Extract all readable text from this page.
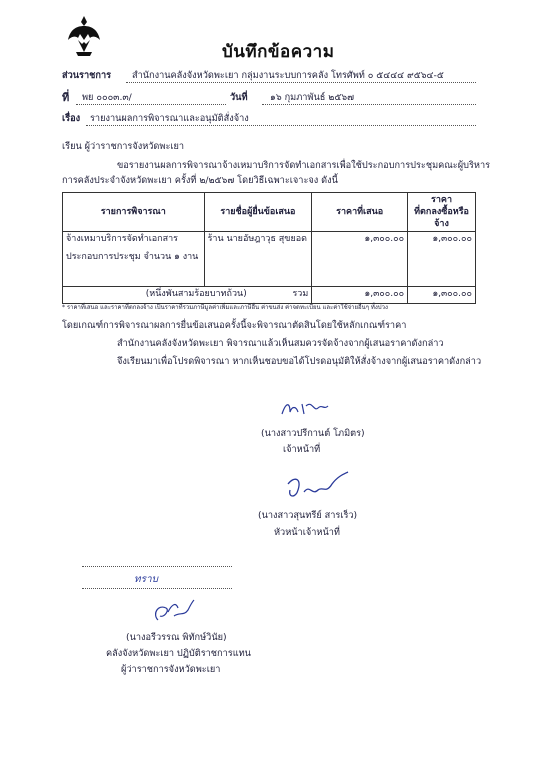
บันทึกข้อความ
ส่วนราชการ สำนักงานคลังจังหวัดพะเยา กลุ่มงานระบบการคลัง โทรศัพท์ ๐ ๕๔๔๔ ๙๕๖๔-๕
ที่ พย ๐๐๐๓.๓/	วันที่ ๑๖ กุมภาพันธ์ ๒๕๖๗
เรื่อง รายงานผลการพิจารณาและอนุมัติสั่งจ้าง
เรียน ผู้ว่าราชการจังหวัดพะเยา
ขอรายงานผลการพิจารณาจ้างเหมาบริการจัดทำเอกสารเพื่อใช้ประกอบการประชุมคณะผู้บริหาร
การคลังประจำจังหวัดพะเยา ครั้งที่ ๒/๒๕๖๗ โดยวิธีเฉพาะเจาะจง ดังนี้
รายการพิจารณา	รายชื่อผู้ยื่นข้อเสนอ	ราคาที่เสนอ	ราคา
ที่ตกลงซื้อหรือจ้าง

จ้างเหมาบริการจัดทำเอกสาร
ประกอบการประชุม จำนวน ๑ งาน	ร้าน นายอัษฎาวุธ สุขยอด	๑,๓๐๐.๐๐	๑,๓๐๐.๐๐
(หนึ่งพันสามร้อยบาทถ้วน) รวม		๑,๓๐๐.๐๐	๑,๓๐๐.๐๐
* ราคาที่เสนอ และราคาที่ตกลงจ้าง เป็นราคาที่รวมภาษีมูลค่าเพิ่มและภาษีอื่น ค่าขนส่ง ค่าจดทะเบียน และค่าใช้จ่ายอื่นๆ ทั้งปวง
โดยเกณฑ์การพิจารณาผลการยื่นข้อเสนอครั้งนี้จะพิจารณาตัดสินโดยใช้หลักเกณฑ์ราคา
สำนักงานคลังจังหวัดพะเยา พิจารณาแล้วเห็นสมควรจัดจ้างจากผู้เสนอราคาดังกล่าว
จึงเรียนมาเพื่อโปรดพิจารณา หากเห็นชอบขอได้โปรดอนุมัติให้สั่งจ้างจากผู้เสนอราคาดังกล่าว
(นางสาวปรีกานต์ โภมิตร)
เจ้าหน้าที่
(นางสาวสุนทรีย์ สารเร็ว)
หัวหน้าเจ้าหน้าที่
ทราบ
(นางอรีวรรณ พิทักษ์วินัย)
คลังจังหวัดพะเยา ปฏิบัติราชการแทน
ผู้ว่าราชการจังหวัดพะเยา
